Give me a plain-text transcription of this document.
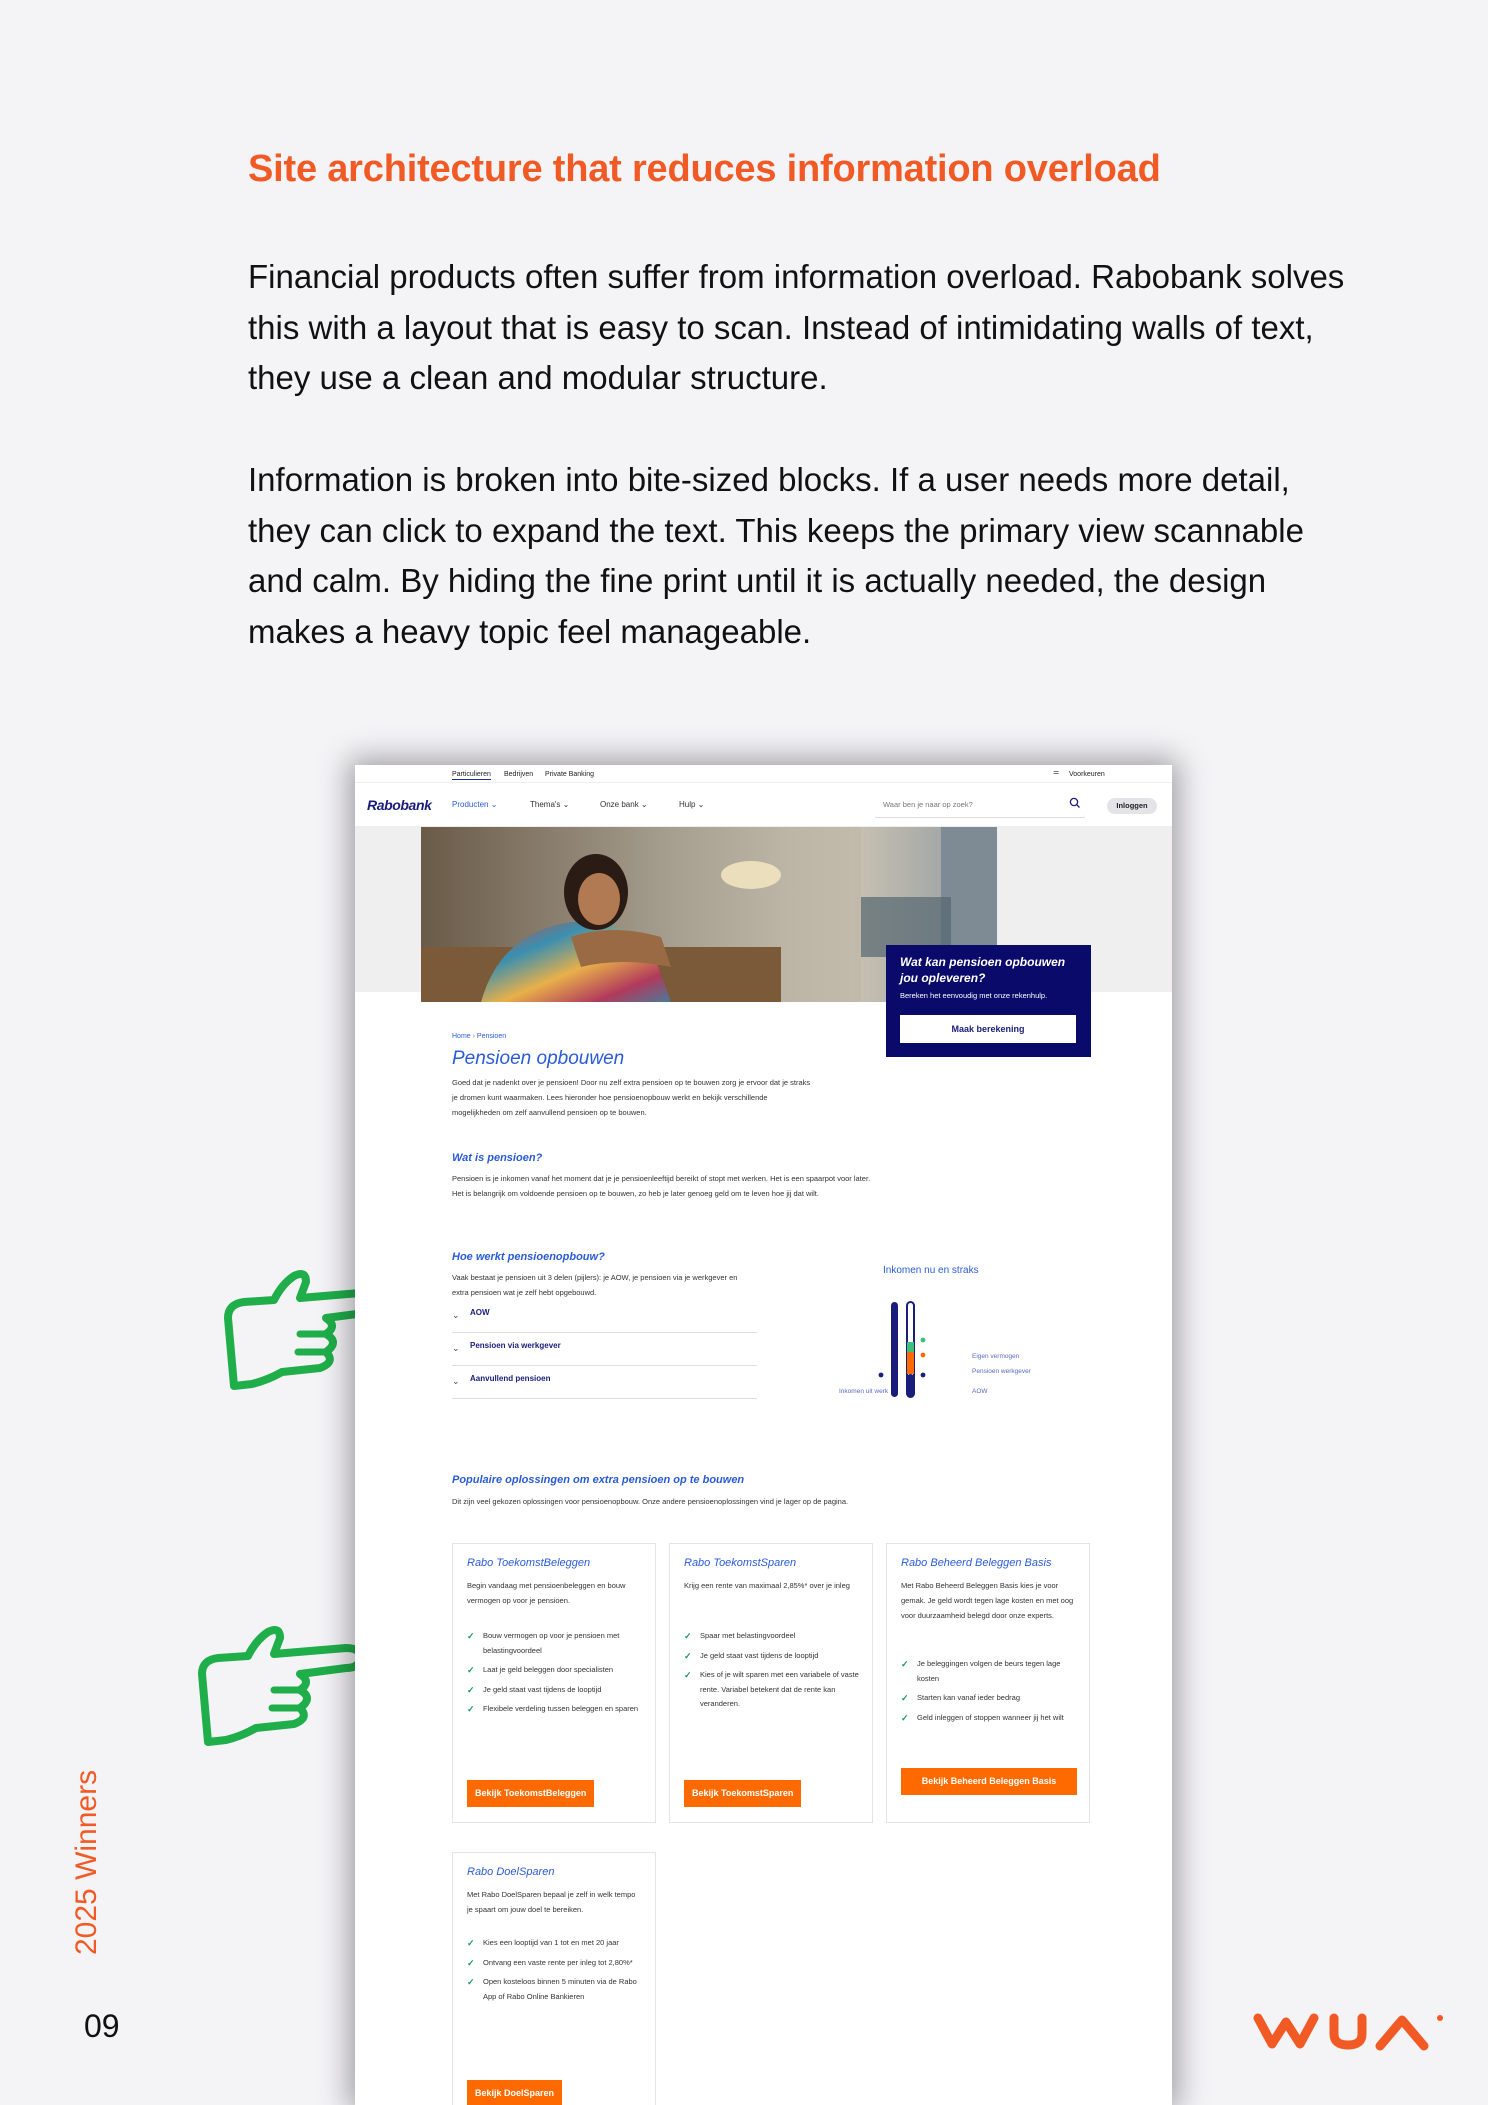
Site architecture that reduces information overload

Financial products often suffer from information overload. Rabobank solves this with a layout that is easy to scan. Instead of intimidating walls of text, they use a clean and modular structure.

Information is broken into bite-sized blocks. If a user needs more detail, they can click to expand the text. This keeps the primary view scannable and calm. By hiding the fine print until it is actually needed, the design makes a heavy topic feel manageable.

2025 Winners
09
Particulieren Bedrijven Private Banking	⚌ Voorkeuren
Rabobank	Producten ⌄	Thema's ⌄	Onze bank ⌄	Hulp ⌄	Waar ben je naar op zoek?	Inloggen
Wat kan pensioen opbouwen jou opleveren?
Bereken het eenvoudig met onze rekenhulp.
Maak berekening
Home › Pensioen
Pensioen opbouwen
Goed dat je nadenkt over je pensioen! Door nu zelf extra pensioen op te bouwen zorg je ervoor dat je straks je dromen kunt waarmaken. Lees hieronder hoe pensioenopbouw werkt en bekijk verschillende mogelijkheden om zelf aanvullend pensioen op te bouwen.
Wat is pensioen?
Pensioen is je inkomen vanaf het moment dat je je pensioenleeftijd bereikt of stopt met werken. Het is een spaarpot voor later. Het is belangrijk om voldoende pensioen op te bouwen, zo heb je later genoeg geld om te leven hoe jij dat wilt.
Hoe werkt pensioenopbouw?
Vaak bestaat je pensioen uit 3 delen (pijlers): je AOW, je pensioen via je werkgever en extra pensioen wat je zelf hebt opgebouwd.
⌄ AOW
⌄ Pensioen via werkgever
⌄ Aanvullend pensioen
Inkomen nu en straks
Inkomen uit werk
Eigen vermogen
Pensioen werkgever
AOW
Populaire oplossingen om extra pensioen op te bouwen
Dit zijn veel gekozen oplossingen voor pensioenopbouw. Onze andere pensioenoplossingen vind je lager op de pagina.
Rabo ToekomstBeleggen
Begin vandaag met pensioenbeleggen en bouw vermogen op voor je pensioen.
✓ Bouw vermogen op voor je pensioen met belastingvoordeel
✓ Laat je geld beleggen door specialisten
✓ Je geld staat vast tijdens de looptijd
✓ Flexibele verdeling tussen beleggen en sparen
Bekijk ToekomstBeleggen
Rabo ToekomstSparen
Krijg een rente van maximaal 2,85%* over je inleg
✓ Spaar met belastingvoordeel
✓ Je geld staat vast tijdens de looptijd
✓ Kies of je wilt sparen met een variabele of vaste rente. Variabel betekent dat de rente kan veranderen.
Bekijk ToekomstSparen
Rabo Beheerd Beleggen Basis
Met Rabo Beheerd Beleggen Basis kies je voor gemak. Je geld wordt tegen lage kosten en met oog voor duurzaamheid belegd door onze experts.
✓ Je beleggingen volgen de beurs tegen lage kosten
✓ Starten kan vanaf ieder bedrag
✓ Geld inleggen of stoppen wanneer jij het wilt
Bekijk Beheerd Beleggen Basis
Rabo DoelSparen
Met Rabo DoelSparen bepaal je zelf in welk tempo je spaart om jouw doel te bereiken.
✓ Kies een looptijd van 1 tot en met 20 jaar
✓ Ontvang een vaste rente per inleg tot 2,80%*
✓ Open kosteloos binnen 5 minuten via de Rabo App of Rabo Online Bankieren
Bekijk DoelSparen
